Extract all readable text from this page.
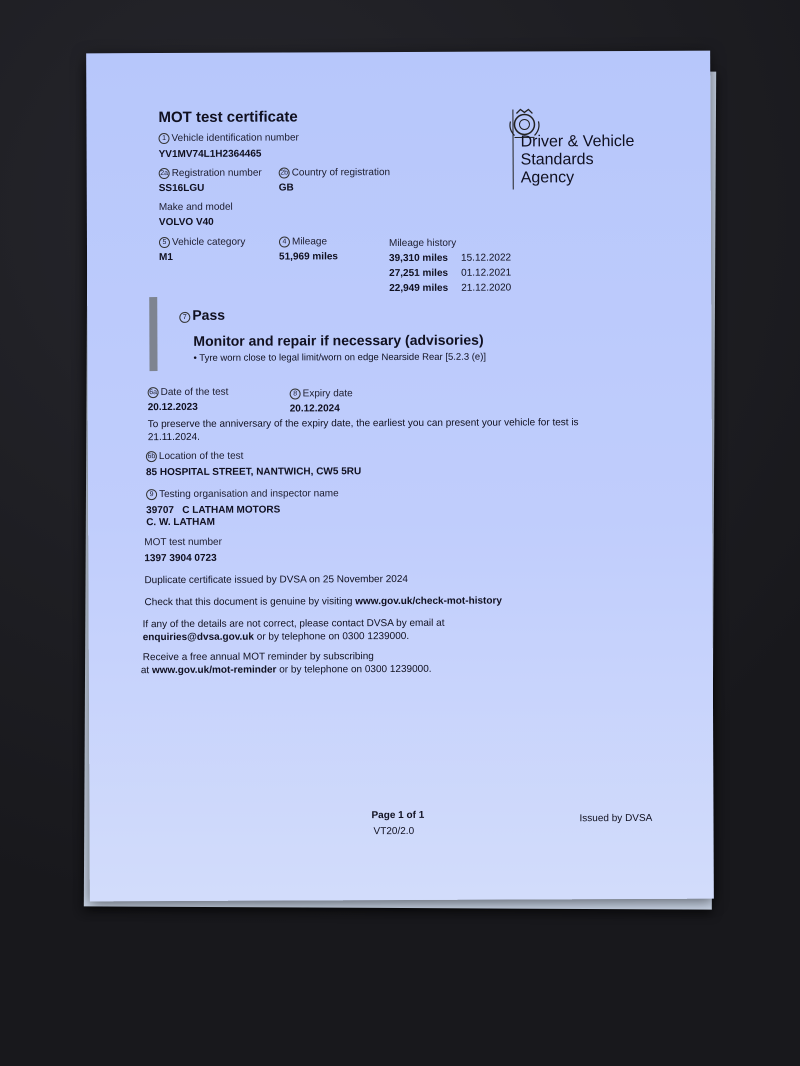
MOT test certificate
Driver & Vehicle
Standards
Agency
1 Vehicle identification number
YV1MV74L1H2364465
2a Registration number
SS16LGU
2b Country of registration
GB
Make and model
VOLVO V40
5 Vehicle category
M1
4 Mileage
51,969 miles
Mileage history
39,310 miles 15.12.2022
27,251 miles 01.12.2021
22,949 miles 21.12.2020
7 Pass
Monitor and repair if necessary (advisories)
• Tyre worn close to legal limit/worn on edge Nearside Rear [5.2.3 (e)]
6a Date of the test
20.12.2023
8 Expiry date
20.12.2024
To preserve the anniversary of the expiry date, the earliest you can present your vehicle for test is
21.11.2024.
6b Location of the test
85 HOSPITAL STREET, NANTWICH, CW5 5RU
9 Testing organisation and inspector name
39707   C LATHAM MOTORS
C. W. LATHAM
MOT test number
1397 3904 0723
Duplicate certificate issued by DVSA on 25 November 2024
Check that this document is genuine by visiting www.gov.uk/check-mot-history
If any of the details are not correct, please contact DVSA by email at
enquiries@dvsa.gov.uk or by telephone on 0300 1239000.
Receive a free annual MOT reminder by subscribing
at www.gov.uk/mot-reminder or by telephone on 0300 1239000.
Page 1 of 1
VT20/2.0
Issued by DVSA
